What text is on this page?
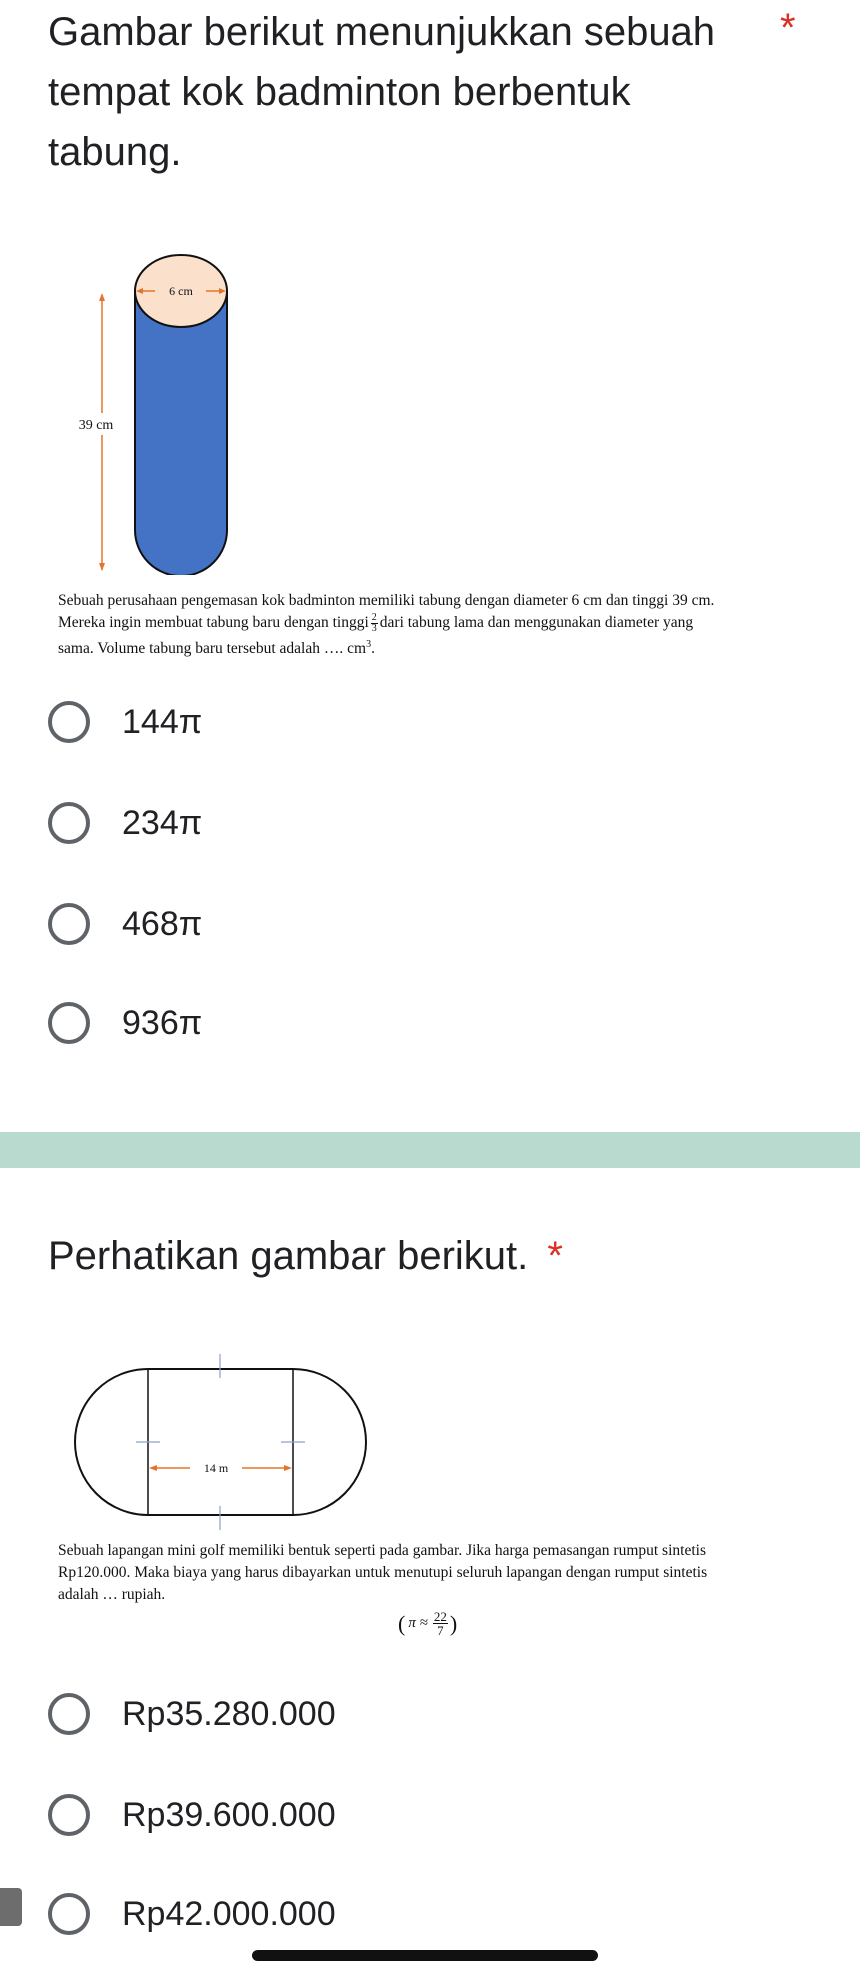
Gambar berikut menunjukkan sebuah tempat kok badminton berbentuk tabung.
*
6 cm
39 cm
Sebuah perusahaan pengemasan kok badminton memiliki tabung dengan diameter 6 cm dan tinggi 39 cm.
Mereka ingin membuat tabung baru dengan tinggi $\frac{2}{3}$ dari tabung lama dan menggunakan diameter yang
sama. Volume tabung baru tersebut adalah …. $cm^3$.
144π
234π
468π
936π
Perhatikan gambar berikut. *
14 m
Sebuah lapangan mini golf memiliki bentuk seperti pada gambar. Jika harga pemasangan rumput sintetis
Rp120.000. Maka biaya yang harus dibayarkan untuk menutupi seluruh lapangan dengan rumput sintetis
adalah … rupiah.
( $\pi \approx \frac{22}{7}$ )
Rp35.280.000
Rp39.600.000
Rp42.000.000
